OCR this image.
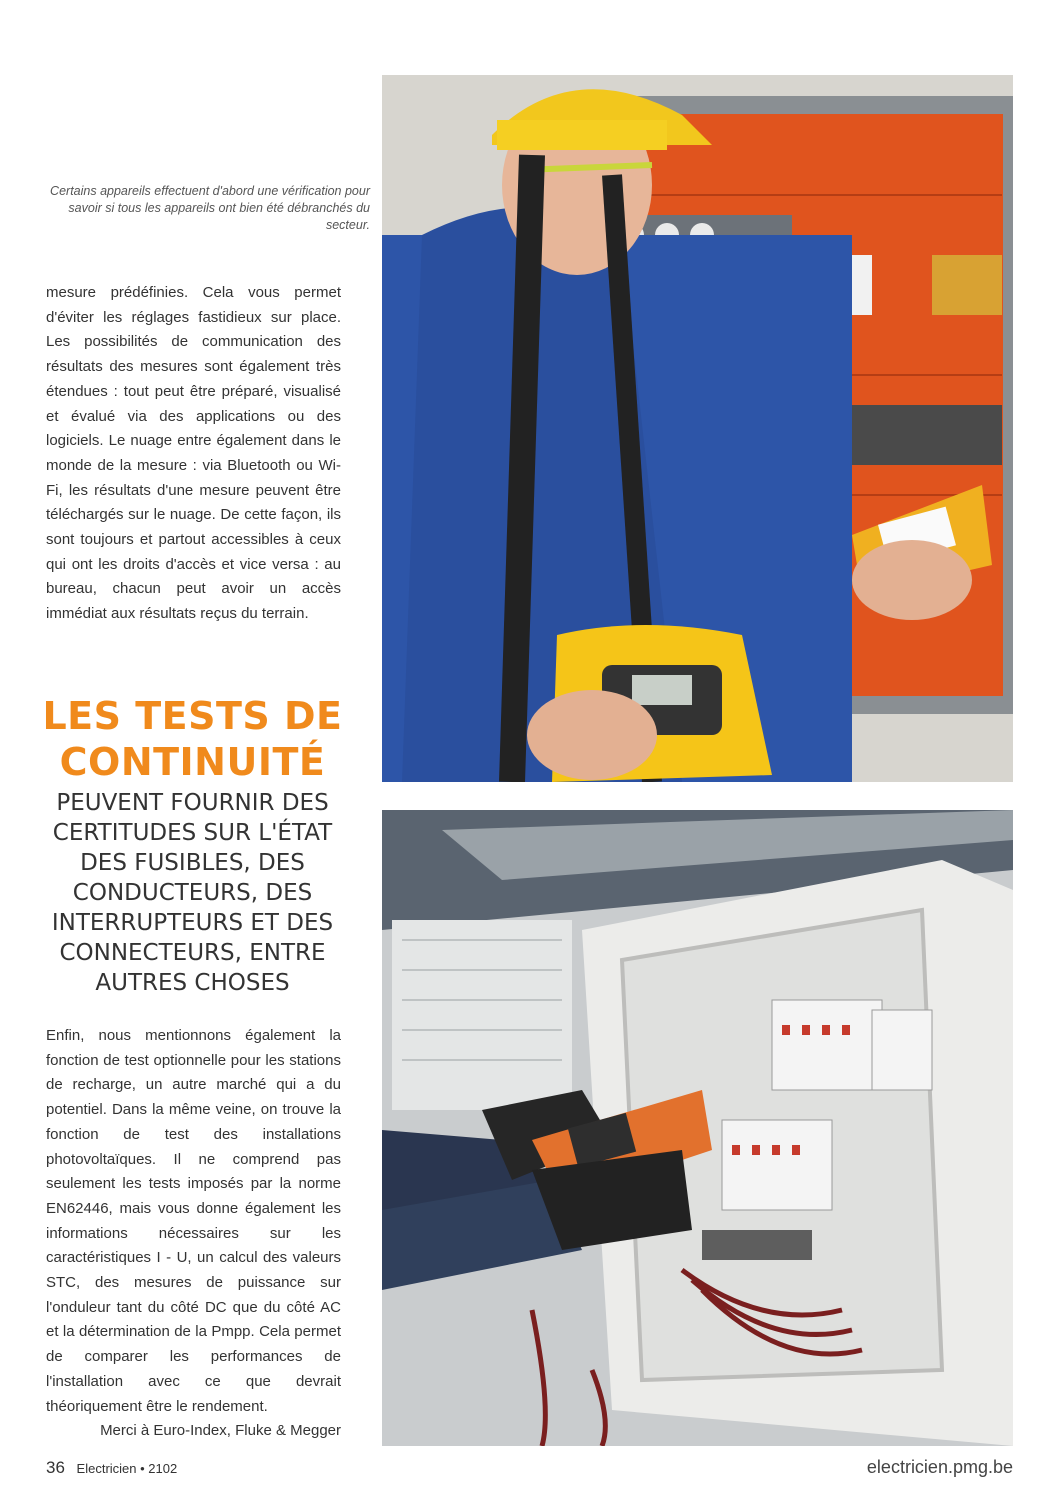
Certains appareils effectuent d'abord une vérification pour savoir si tous les appareils ont bien été débranchés du secteur.

mesure prédéfinies. Cela vous permet d'éviter les réglages fastidieux sur place. Les possibilités de communication des résultats des mesures sont également très étendues : tout peut être préparé, visualisé et évalué via des applications ou des logiciels. Le nuage entre également dans le monde de la mesure : via Bluetooth ou Wi-Fi, les résultats d'une mesure peuvent être téléchargés sur le nuage. De cette façon, ils sont toujours et partout accessibles à ceux qui ont les droits d'accès et vice versa : au bureau, chacun peut avoir un accès immédiat aux résultats reçus du terrain.

LES TESTS DE CONTINUITÉ
PEUVENT FOURNIR DES CERTITUDES SUR L'ÉTAT DES FUSIBLES, DES CONDUCTEURS, DES INTERRUPTEURS ET DES CONNECTEURS, ENTRE AUTRES CHOSES

Enfin, nous mentionnons également la fonction de test optionnelle pour les stations de recharge, un autre marché qui a du potentiel. Dans la même veine, on trouve la fonction de test des installations photovoltaïques. Il ne comprend pas seulement les tests imposés par la norme EN62446, mais vous donne également les informations nécessaires sur les caractéristiques I - U, un calcul des valeurs STC, des mesures de puissance sur l'onduleur tant du côté DC que du côté AC et la détermination de la Pmpp. Cela permet de comparer les performances de l'installation avec ce que devrait théoriquement être le rendement.

Merci à Euro-Index, Fluke & Megger

36 Electricien • 2102	electricien.pmg.be
